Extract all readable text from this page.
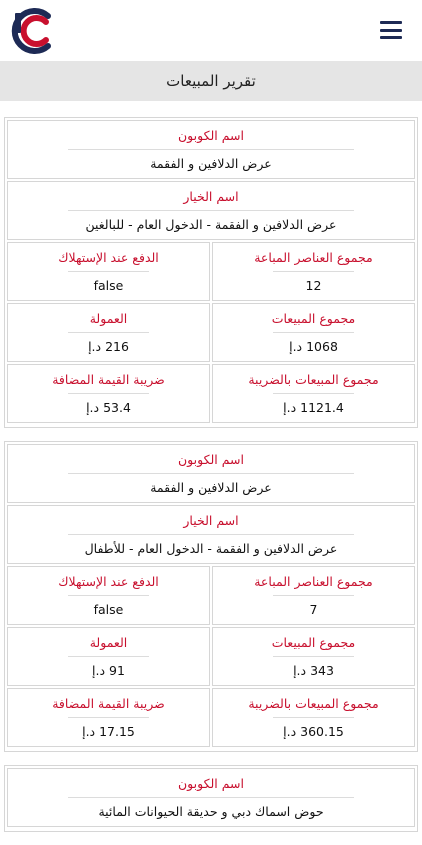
تقرير المبيعات
اسم الكوبون
عرض الدلافين و الفقمة
اسم الخيار
عرض الدلافين و الفقمة - الدخول العام - للبالغين
مجموع العناصر المباعة
12
الدفع عند الإستهلاك
false
مجموع المبيعات
1068 د.إ
العمولة
216 د.إ
مجموع المبيعات بالضريبة
1121.4 د.إ
ضريبة القيمة المضافة
53.4 د.إ
اسم الكوبون
عرض الدلافين و الفقمة
اسم الخيار
عرض الدلافين و الفقمة - الدخول العام - للأطفال
مجموع العناصر المباعة
7
الدفع عند الإستهلاك
false
مجموع المبيعات
343 د.إ
العمولة
91 د.إ
مجموع المبيعات بالضريبة
360.15 د.إ
ضريبة القيمة المضافة
17.15 د.إ
اسم الكوبون
حوض اسماك دبي و حديقة الحيوانات المائية
